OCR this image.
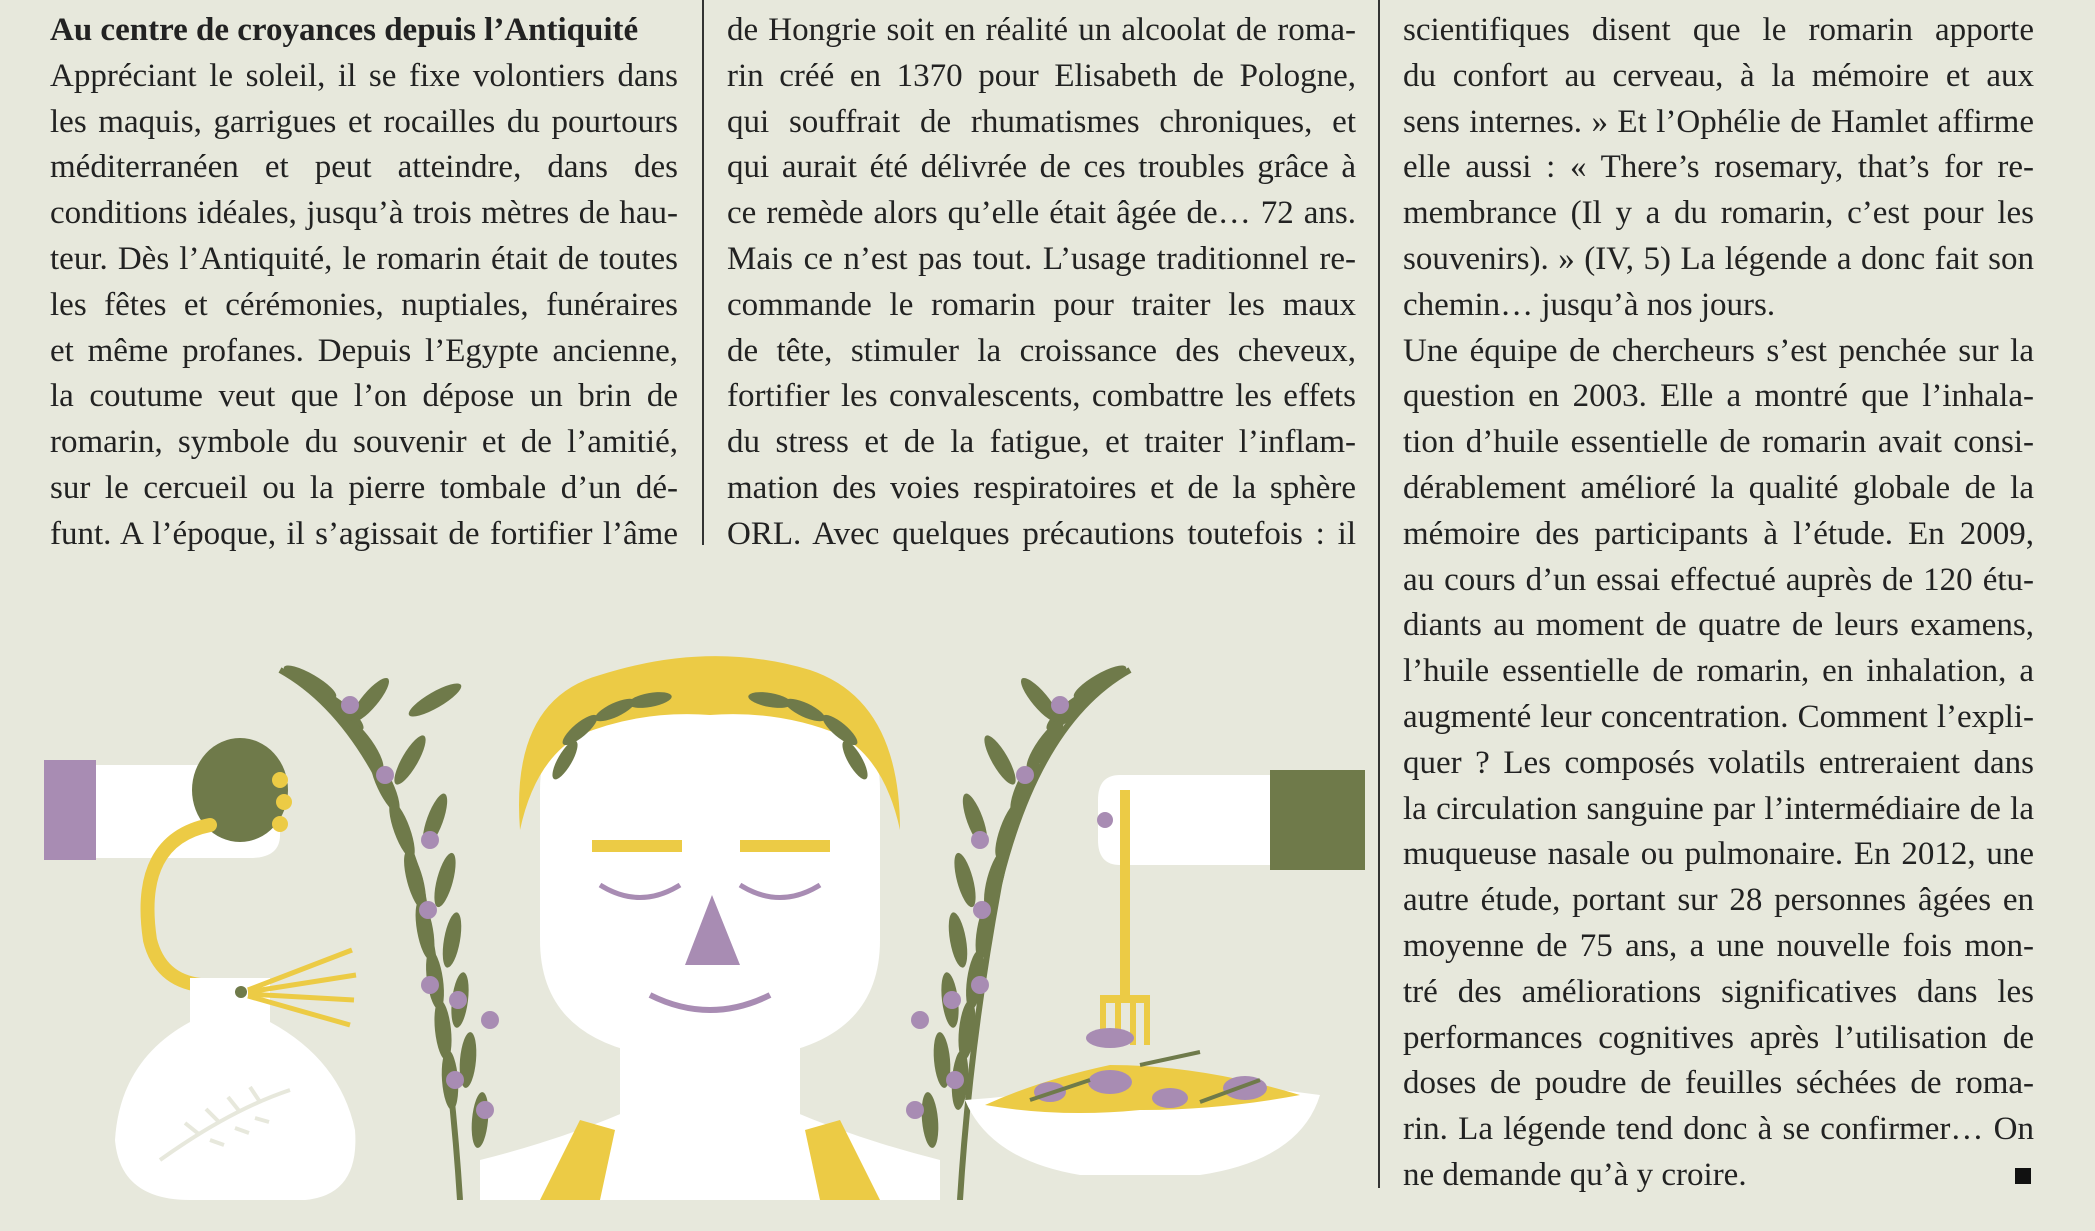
Au centre de croyances depuis l’Antiquité
Appréciant le soleil, il se fixe volontiers dans
les maquis, garrigues et rocailles du pourtours
méditerranéen et peut atteindre, dans des
conditions idéales, jusqu’à trois mètres de hau-
teur. Dès l’Antiquité, le romarin était de toutes
les fêtes et cérémonies, nuptiales, funéraires
et même profanes. Depuis l’Egypte ancienne,
la coutume veut que l’on dépose un brin de
romarin, symbole du souvenir et de l’amitié,
sur le cercueil ou la pierre tombale d’un dé-
funt. A l’époque, il s’agissait de fortifier l’âme
de Hongrie soit en réalité un alcoolat de roma-
rin créé en 1370 pour Elisabeth de Pologne,
qui souffrait de rhumatismes chroniques, et
qui aurait été délivrée de ces troubles grâce à
ce remède alors qu’elle était âgée de… 72 ans.
Mais ce n’est pas tout. L’usage traditionnel re-
commande le romarin pour traiter les maux
de tête, stimuler la croissance des cheveux,
fortifier les convalescents, combattre les effets
du stress et de la fatigue, et traiter l’inflam-
mation des voies respiratoires et de la sphère
ORL. Avec quelques précautions toutefois : il
scientifiques disent que le romarin apporte
du confort au cerveau, à la mémoire et aux
sens internes. » Et l’Ophélie de Hamlet affirme
elle aussi : « There’s rosemary, that’s for re-
membrance (Il y a du romarin, c’est pour les
souvenirs). » (IV, 5) La légende a donc fait son
chemin… jusqu’à nos jours.
Une équipe de chercheurs s’est penchée sur la
question en 2003. Elle a montré que l’inhala-
tion d’huile essentielle de romarin avait consi-
dérablement amélioré la qualité globale de la
mémoire des participants à l’étude. En 2009,
au cours d’un essai effectué auprès de 120 étu-
diants au moment de quatre de leurs examens,
l’huile essentielle de romarin, en inhalation, a
augmenté leur concentration. Comment l’expli-
quer ? Les composés volatils entreraient dans
la circulation sanguine par l’intermédiaire de la
muqueuse nasale ou pulmonaire. En 2012, une
autre étude, portant sur 28 personnes âgées en
moyenne de 75 ans, a une nouvelle fois mon-
tré des améliorations significatives dans les
performances cognitives après l’utilisation de
doses de poudre de feuilles séchées de roma-
rin. La légende tend donc à se confirmer… On
ne demande qu’à y croire.
